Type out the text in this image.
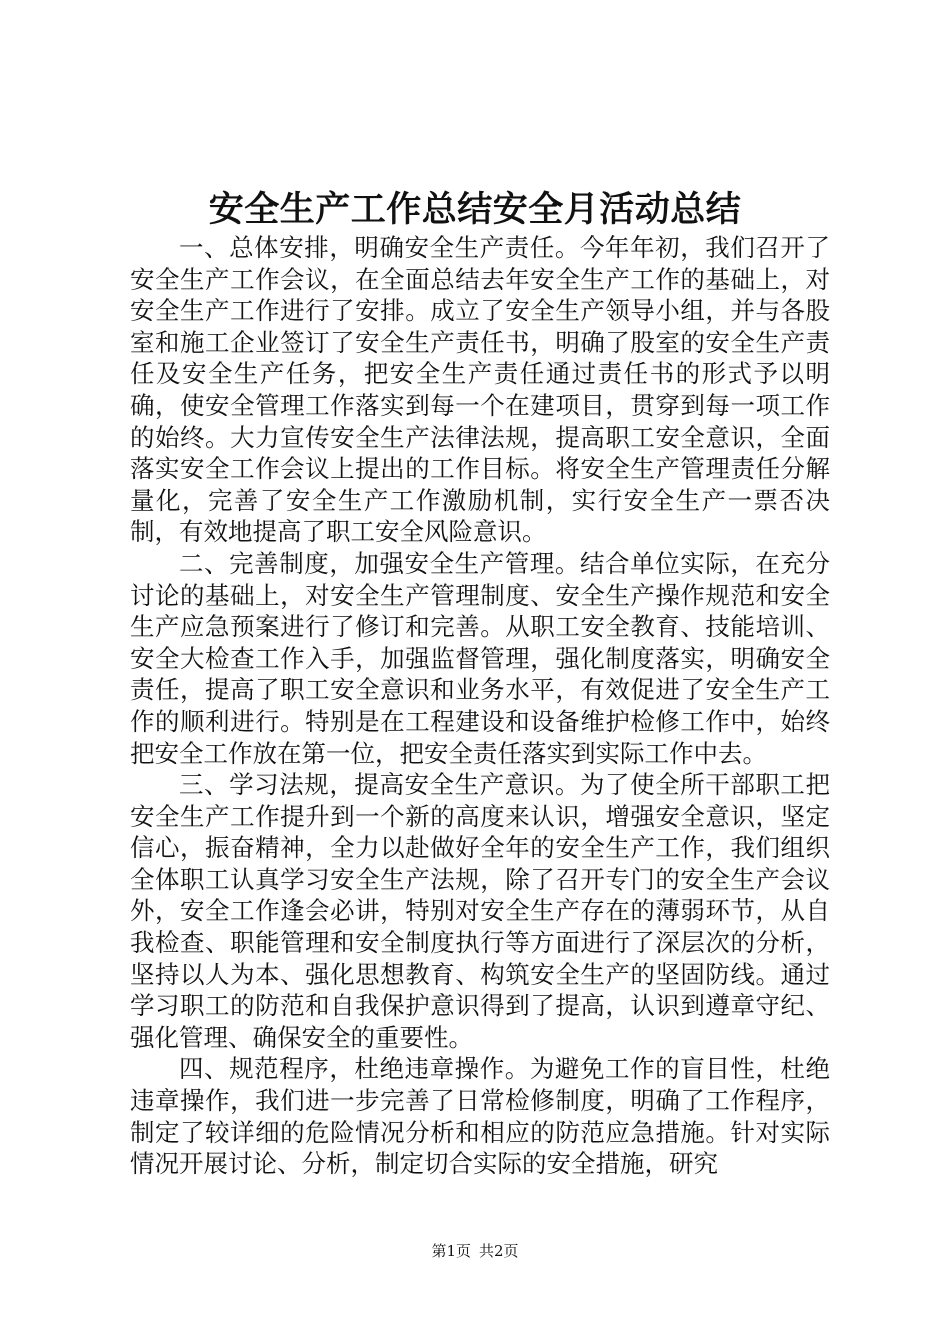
安全生产工作总结安全月活动总结

一、总体安排，明确安全生产责任。今年年初，我们召开了安全生产工作会议，在全面总结去年安全生产工作的基础上，对安全生产工作进行了安排。成立了安全生产领导小组，并与各股室和施工企业签订了安全生产责任书，明确了股室的安全生产责任及安全生产任务，把安全生产责任通过责任书的形式予以明确，使安全管理工作落实到每一个在建项目，贯穿到每一项工作的始终。大力宣传安全生产法律法规，提高职工安全意识，全面落实安全工作会议上提出的工作目标。将安全生产管理责任分解量化，完善了安全生产工作激励机制，实行安全生产一票否决制，有效地提高了职工安全风险意识。

二、完善制度，加强安全生产管理。结合单位实际，在充分讨论的基础上，对安全生产管理制度、安全生产操作规范和安全生产应急预案进行了修订和完善。从职工安全教育、技能培训、安全大检查工作入手，加强监督管理，强化制度落实，明确安全责任，提高了职工安全意识和业务水平，有效促进了安全生产工作的顺利进行。特别是在工程建设和设备维护检修工作中，始终把安全工作放在第一位，把安全责任落实到实际工作中去。

三、学习法规，提高安全生产意识。为了使全所干部职工把安全生产工作提升到一个新的高度来认识，增强安全意识，坚定信心，振奋精神，全力以赴做好全年的安全生产工作，我们组织全体职工认真学习安全生产法规，除了召开专门的安全生产会议外，安全工作逢会必讲，特别对安全生产存在的薄弱环节，从自我检查、职能管理和安全制度执行等方面进行了深层次的分析，坚持以人为本、强化思想教育、构筑安全生产的坚固防线。通过学习职工的防范和自我保护意识得到了提高，认识到遵章守纪、强化管理、确保安全的重要性。

四、规范程序，杜绝违章操作。为避免工作的盲目性，杜绝违章操作，我们进一步完善了日常检修制度，明确了工作程序，制定了较详细的危险情况分析和相应的防范应急措施。针对实际情况开展讨论、分析，制定切合实际的安全措施，研究

第1页 共2页
